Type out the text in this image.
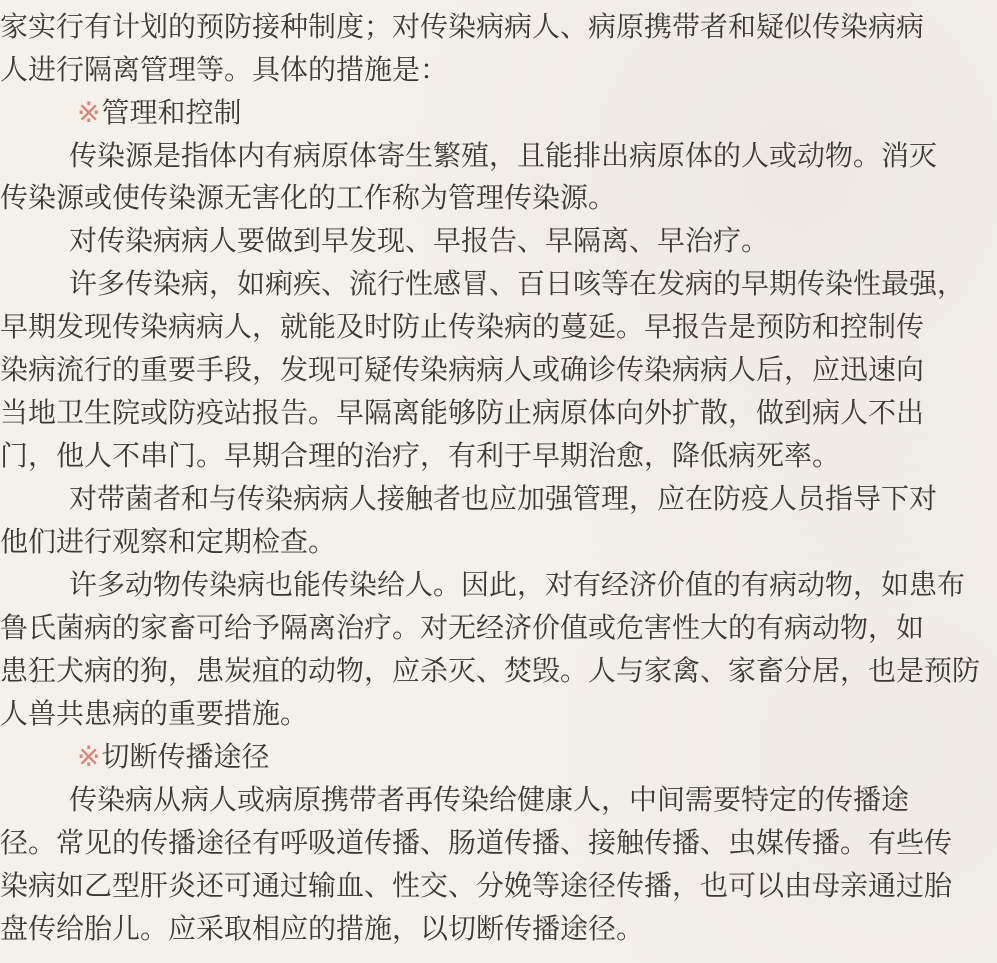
家实行有计划的预防接种制度；对传染病病人、病原携带者和疑似传染病病
人进行隔离管理等。具体的措施是：
※管理和控制
传染源是指体内有病原体寄生繁殖，且能排出病原体的人或动物。消灭
传染源或使传染源无害化的工作称为管理传染源。
对传染病病人要做到早发现、早报告、早隔离、早治疗。
许多传染病，如痢疾、流行性感冒、百日咳等在发病的早期传染性最强，
早期发现传染病病人，就能及时防止传染病的蔓延。早报告是预防和控制传
染病流行的重要手段，发现可疑传染病病人或确诊传染病病人后，应迅速向
当地卫生院或防疫站报告。早隔离能够防止病原体向外扩散，做到病人不出
门，他人不串门。早期合理的治疗，有利于早期治愈，降低病死率。
对带菌者和与传染病病人接触者也应加强管理，应在防疫人员指导下对
他们进行观察和定期检查。
许多动物传染病也能传染给人。因此，对有经济价值的有病动物，如患布
鲁氏菌病的家畜可给予隔离治疗。对无经济价值或危害性大的有病动物，如
患狂犬病的狗，患炭疽的动物，应杀灭、焚毁。人与家禽、家畜分居，也是预防
人兽共患病的重要措施。
※切断传播途径
传染病从病人或病原携带者再传染给健康人，中间需要特定的传播途
径。常见的传播途径有呼吸道传播、肠道传播、接触传播、虫媒传播。有些传
染病如乙型肝炎还可通过输血、性交、分娩等途径传播，也可以由母亲通过胎
盘传给胎儿。应采取相应的措施，以切断传播途径。
